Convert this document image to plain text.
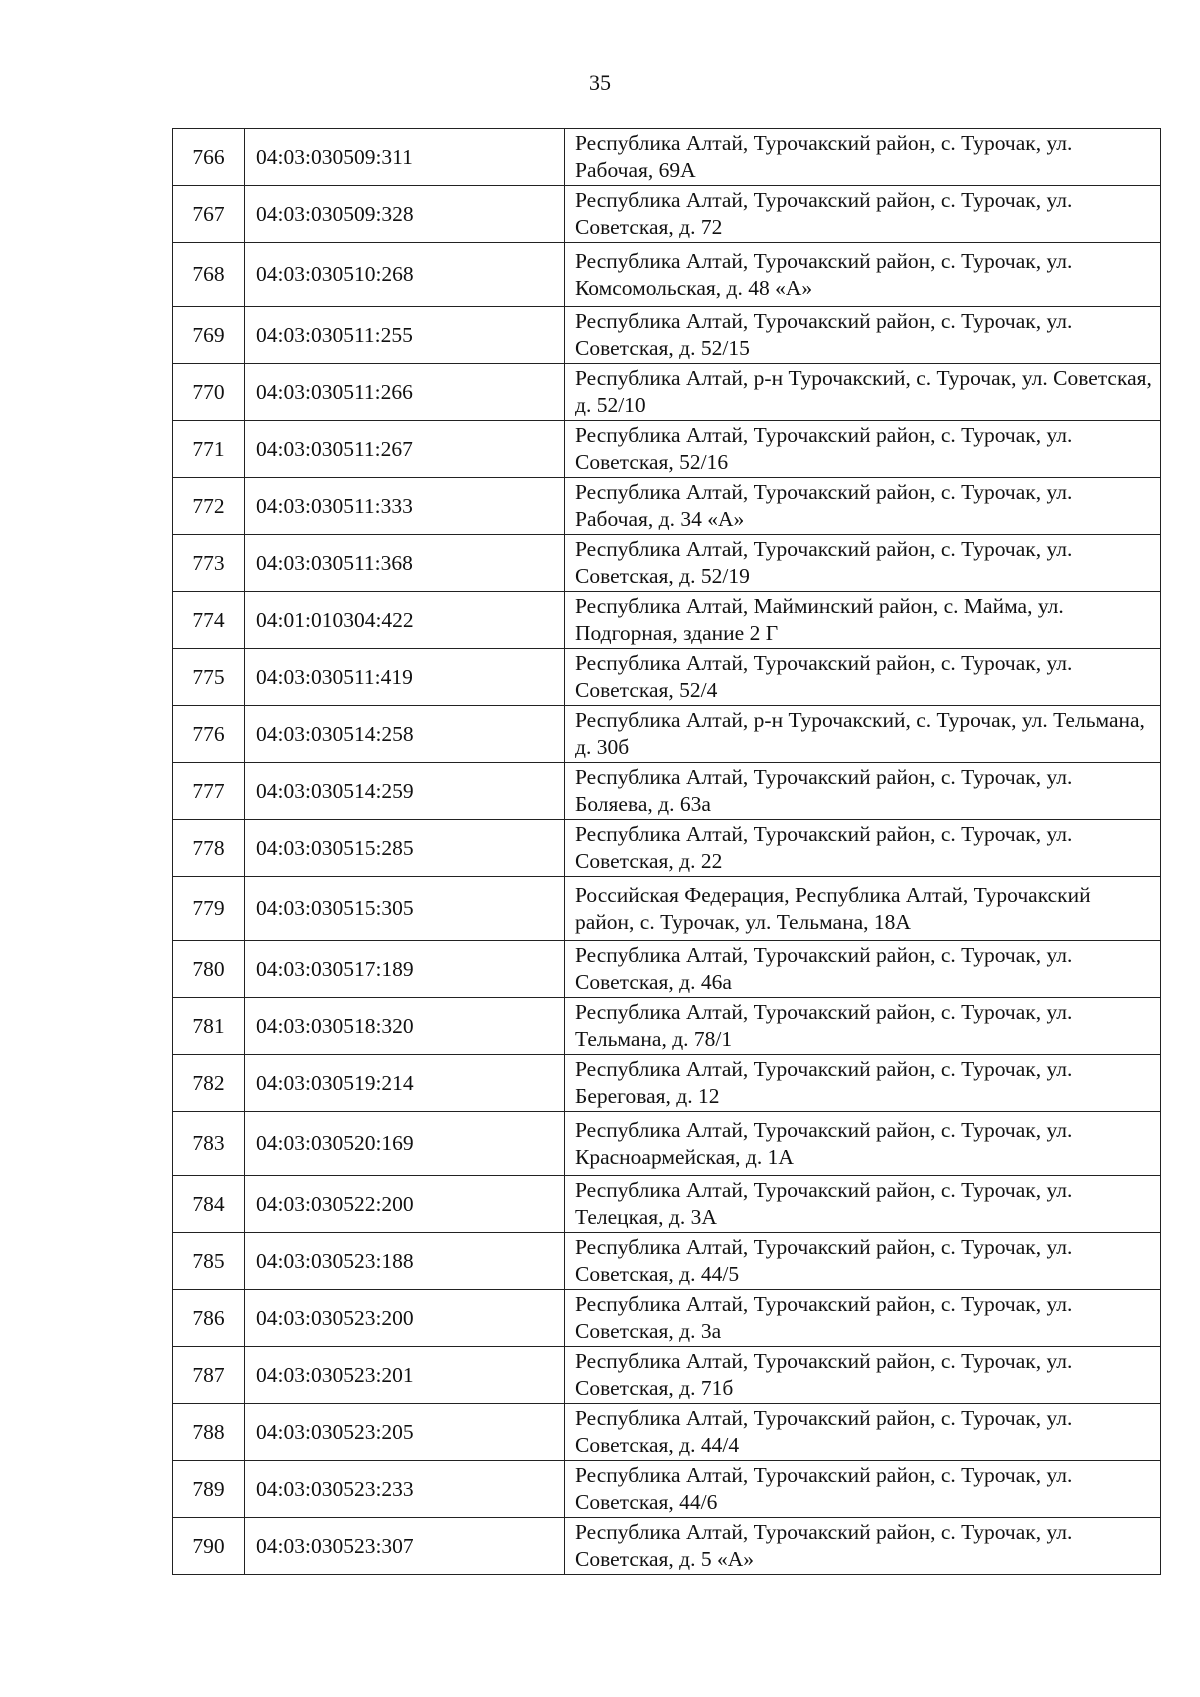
35
766	04:03:030509:311	Республика Алтай, Турочакский район, с. Турочак, ул. Рабочая, 69А
767	04:03:030509:328	Республика Алтай, Турочакский район, с. Турочак, ул. Советская, д. 72
768	04:03:030510:268	Республика Алтай, Турочакский район, с. Турочак, ул. Комсомольская, д. 48 «А»
769	04:03:030511:255	Республика Алтай, Турочакский район, с. Турочак, ул. Советская, д. 52/15
770	04:03:030511:266	Республика Алтай, р-н Турочакский, с. Турочак, ул. Советская, д. 52/10
771	04:03:030511:267	Республика Алтай, Турочакский район, с. Турочак, ул. Советская, 52/16
772	04:03:030511:333	Республика Алтай, Турочакский район, с. Турочак, ул. Рабочая, д. 34 «А»
773	04:03:030511:368	Республика Алтай, Турочакский район, с. Турочак, ул. Советская, д. 52/19
774	04:01:010304:422	Республика Алтай, Майминский район, с. Майма, ул. Подгорная, здание 2 Г
775	04:03:030511:419	Республика Алтай, Турочакский район, с. Турочак, ул. Советская, 52/4
776	04:03:030514:258	Республика Алтай, р-н Турочакский, с. Турочак, ул. Тельмана, д. 30б
777	04:03:030514:259	Республика Алтай, Турочакский район, с. Турочак, ул. Боляева, д. 63а
778	04:03:030515:285	Республика Алтай, Турочакский район, с. Турочак, ул. Советская, д. 22
779	04:03:030515:305	Российская Федерация, Республика Алтай, Турочакский район, с. Турочак, ул. Тельмана, 18А
780	04:03:030517:189	Республика Алтай, Турочакский район, с. Турочак, ул. Советская, д. 46а
781	04:03:030518:320	Республика Алтай, Турочакский район, с. Турочак, ул. Тельмана, д. 78/1
782	04:03:030519:214	Республика Алтай, Турочакский район, с. Турочак, ул. Береговая, д. 12
783	04:03:030520:169	Республика Алтай, Турочакский район, с. Турочак, ул. Красноармейская, д. 1А
784	04:03:030522:200	Республика Алтай, Турочакский район, с. Турочак, ул. Телецкая, д. 3А
785	04:03:030523:188	Республика Алтай, Турочакский район, с. Турочак, ул. Советская, д. 44/5
786	04:03:030523:200	Республика Алтай, Турочакский район, с. Турочак, ул. Советская, д. 3а
787	04:03:030523:201	Республика Алтай, Турочакский район, с. Турочак, ул. Советская, д. 71б
788	04:03:030523:205	Республика Алтай, Турочакский район, с. Турочак, ул. Советская, д. 44/4
789	04:03:030523:233	Республика Алтай, Турочакский район, с. Турочак, ул. Советская, 44/6
790	04:03:030523:307	Республика Алтай, Турочакский район, с. Турочак, ул. Советская, д. 5 «А»
